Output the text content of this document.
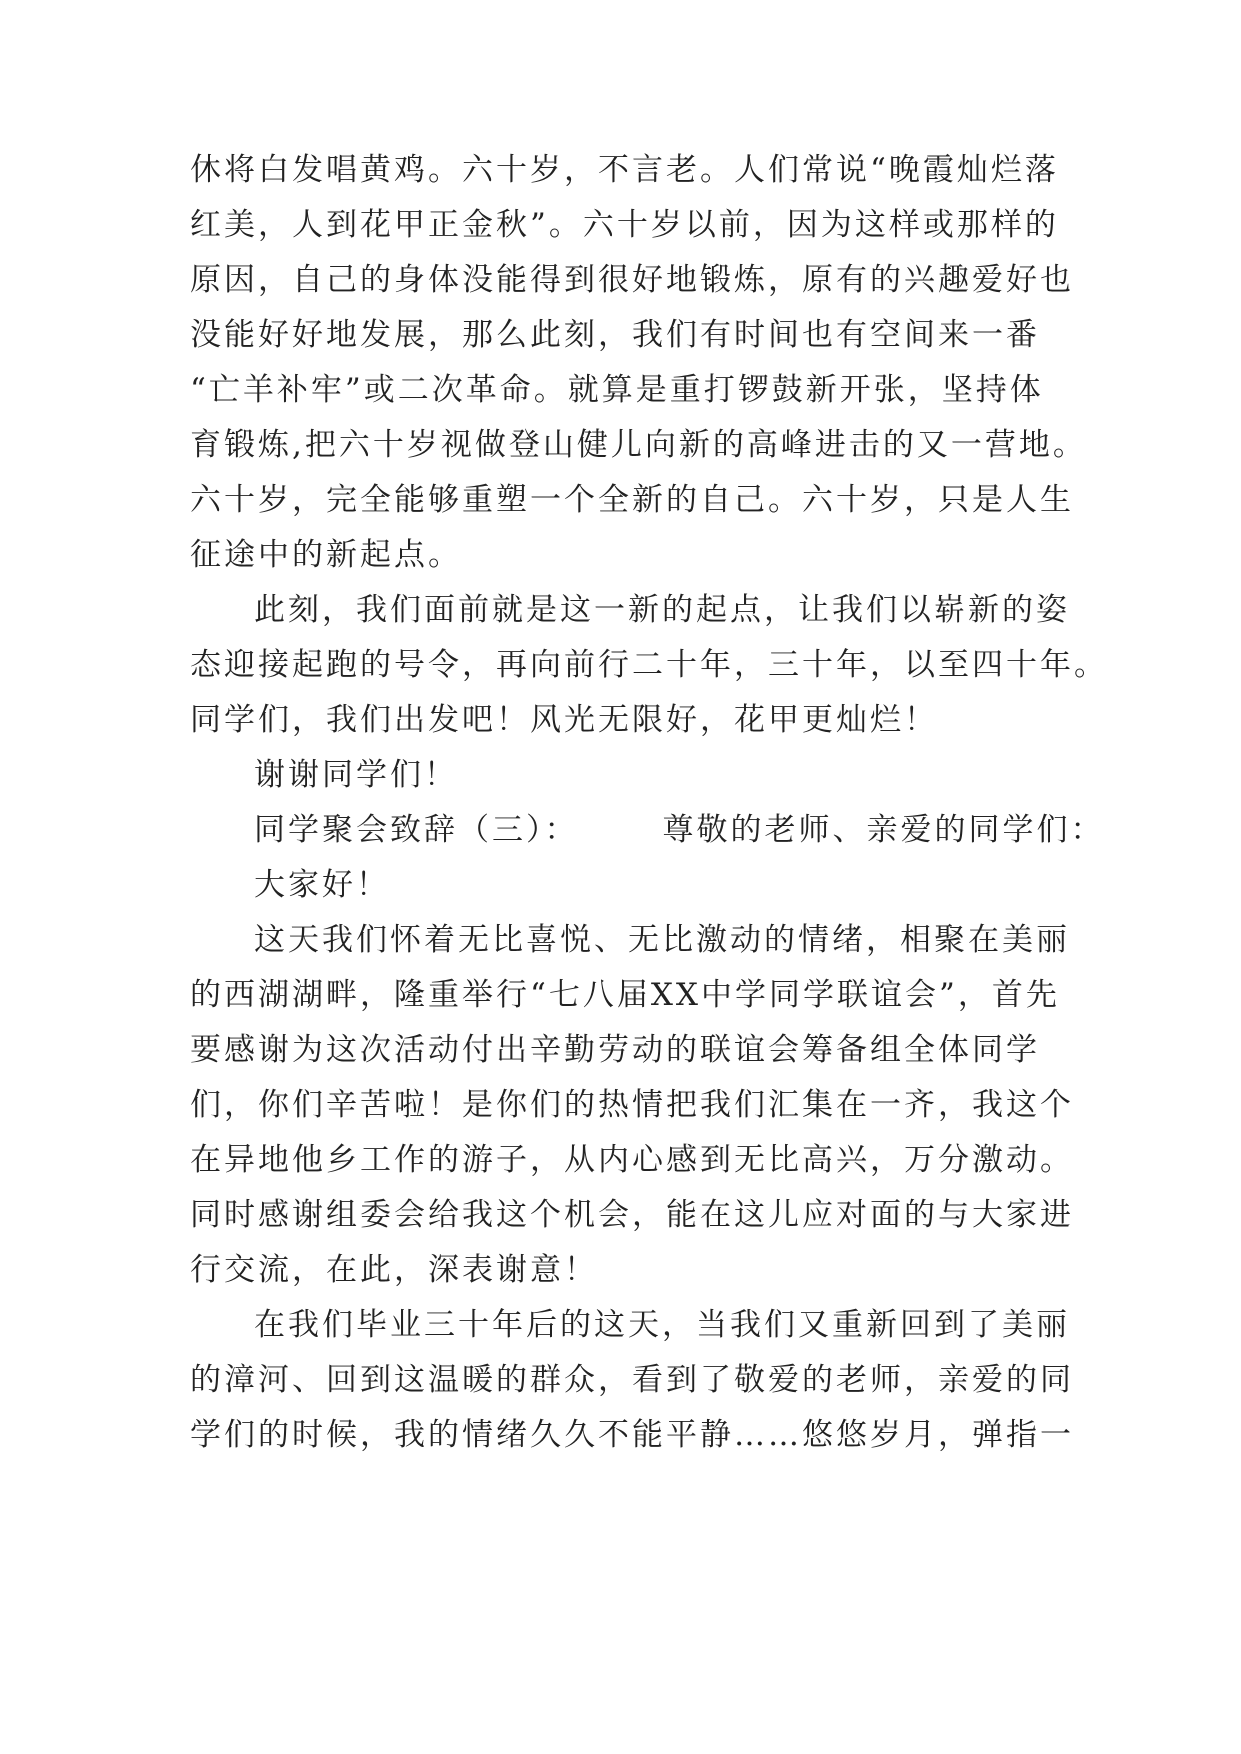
休将白发唱黄鸡。六十岁，不言老。人们常说“晚霞灿烂落
红美，人到花甲正金秋”。六十岁以前，因为这样或那样的
原因，自己的身体没能得到很好地锻炼，原有的兴趣爱好也
没能好好地发展，那么此刻，我们有时间也有空间来一番
“亡羊补牢”或二次革命。就算是重打锣鼓新开张，坚持体
育锻炼,把六十岁视做登山健儿向新的高峰进击的又一营地。
六十岁，完全能够重塑一个全新的自己。六十岁，只是人生
征途中的新起点。
此刻，我们面前就是这一新的起点，让我们以崭新的姿
态迎接起跑的号令，再向前行二十年，三十年，以至四十年。
同学们，我们出发吧！风光无限好，花甲更灿烂！
谢谢同学们！
同学聚会致辞（三）：	尊敬的老师、亲爱的同学们：
大家好！
这天我们怀着无比喜悦、无比激动的情绪，相聚在美丽
的西湖湖畔，隆重举行“七八届XX中学同学联谊会”，首先
要感谢为这次活动付出辛勤劳动的联谊会筹备组全体同学
们，你们辛苦啦！是你们的热情把我们汇集在一齐，我这个
在异地他乡工作的游子，从内心感到无比高兴，万分激动。
同时感谢组委会给我这个机会，能在这儿应对面的与大家进
行交流，在此，深表谢意！
在我们毕业三十年后的这天，当我们又重新回到了美丽
的漳河、回到这温暖的群众，看到了敬爱的老师，亲爱的同
学们的时候，我的情绪久久不能平静……悠悠岁月，弹指一
